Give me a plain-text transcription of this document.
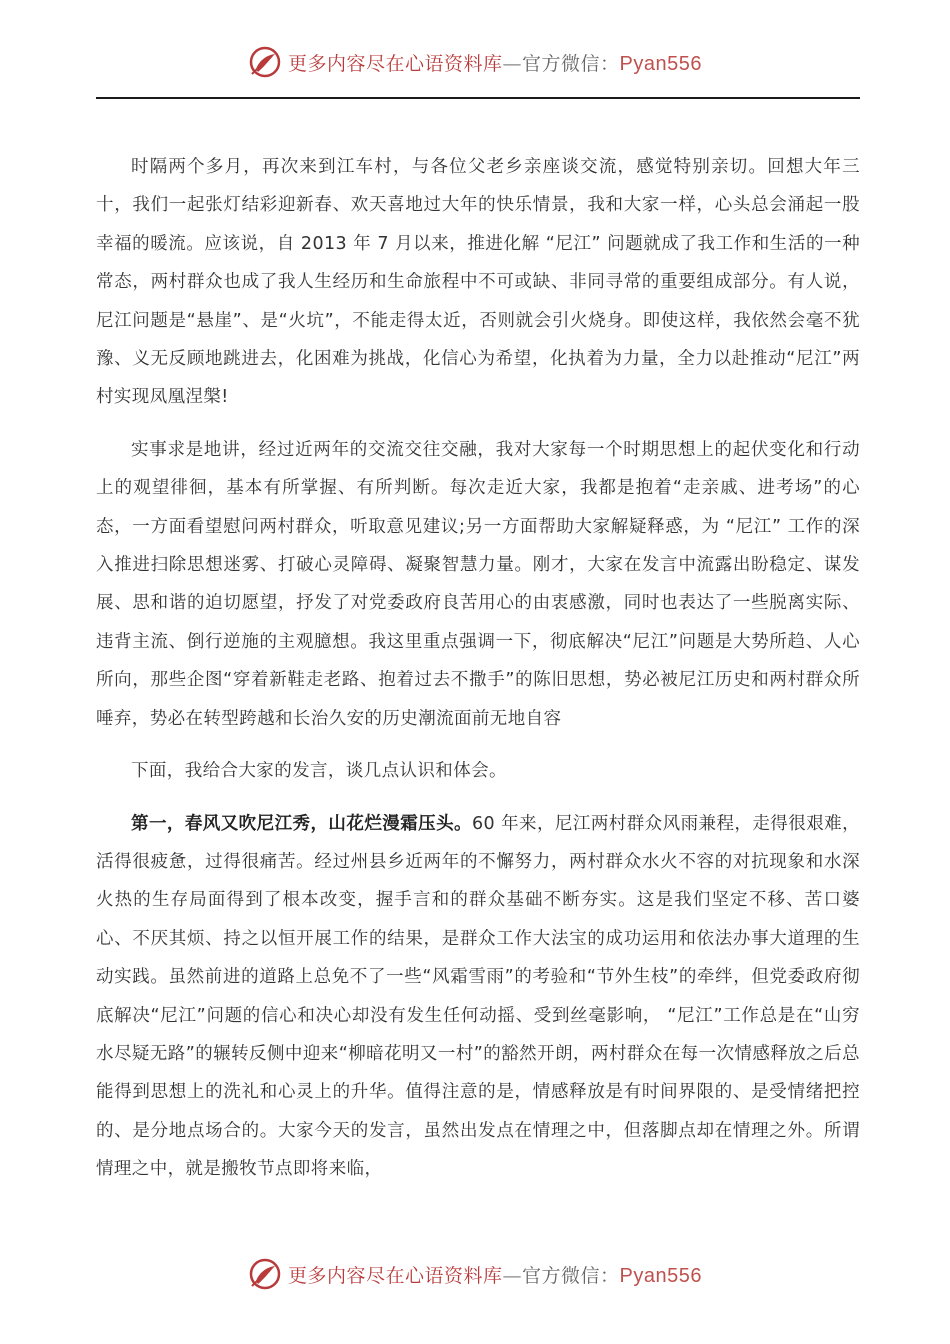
更多内容尽在心语资料库—官方微信：Pyan556

时隔两个多月，再次来到江车村，与各位父老乡亲座谈交流，感觉特别亲切。回想大年三十，我们一起张灯结彩迎新春、欢天喜地过大年的快乐情景，我和大家一样，心头总会涌起一股幸福的暖流。应该说，自 2013 年 7 月以来，推进化解 “尼江” 问题就成了我工作和生活的一种常态，两村群众也成了我人生经历和生命旅程中不可或缺、非同寻常的重要组成部分。有人说，尼江问题是“悬崖”、是“火坑”，不能走得太近，否则就会引火烧身。即使这样，我依然会毫不犹豫、义无反顾地跳进去，化困难为挑战，化信心为希望，化执着为力量，全力以赴推动“尼江”两村实现凤凰涅槃!

实事求是地讲，经过近两年的交流交往交融，我对大家每一个时期思想上的起伏变化和行动上的观望徘徊，基本有所掌握、有所判断。每次走近大家，我都是抱着“走亲戚、进考场”的心态，一方面看望慰问两村群众，听取意见建议;另一方面帮助大家解疑释惑，为 “尼江” 工作的深入推进扫除思想迷雾、打破心灵障碍、凝聚智慧力量。刚才，大家在发言中流露出盼稳定、谋发展、思和谐的迫切愿望，抒发了对党委政府良苦用心的由衷感激，同时也表达了一些脱离实际、违背主流、倒行逆施的主观臆想。我这里重点强调一下，彻底解决“尼江”问题是大势所趋、人心所向，那些企图“穿着新鞋走老路、抱着过去不撒手”的陈旧思想，势必被尼江历史和两村群众所唾弃，势必在转型跨越和长治久安的历史潮流面前无地自容

下面，我给合大家的发言，谈几点认识和体会。

第一，春风又吹尼江秀，山花烂漫霜压头。60 年来，尼江两村群众风雨兼程，走得很艰难，活得很疲惫，过得很痛苦。经过州县乡近两年的不懈努力，两村群众水火不容的对抗现象和水深火热的生存局面得到了根本改变，握手言和的群众基础不断夯实。这是我们坚定不移、苦口婆心、不厌其烦、持之以恒开展工作的结果，是群众工作大法宝的成功运用和依法办事大道理的生动实践。虽然前进的道路上总免不了一些“风霜雪雨”的考验和“节外生枝”的牵绊，但党委政府彻底解决“尼江”问题的信心和决心却没有发生任何动摇、受到丝毫影响， “尼江”工作总是在“山穷水尽疑无路”的辗转反侧中迎来“柳暗花明又一村”的豁然开朗，两村群众在每一次情感释放之后总能得到思想上的洗礼和心灵上的升华。值得注意的是，情感释放是有时间界限的、是受情绪把控的、是分地点场合的。大家今天的发言，虽然出发点在情理之中，但落脚点却在情理之外。所谓情理之中，就是搬牧节点即将来临，

更多内容尽在心语资料库—官方微信：Pyan556
